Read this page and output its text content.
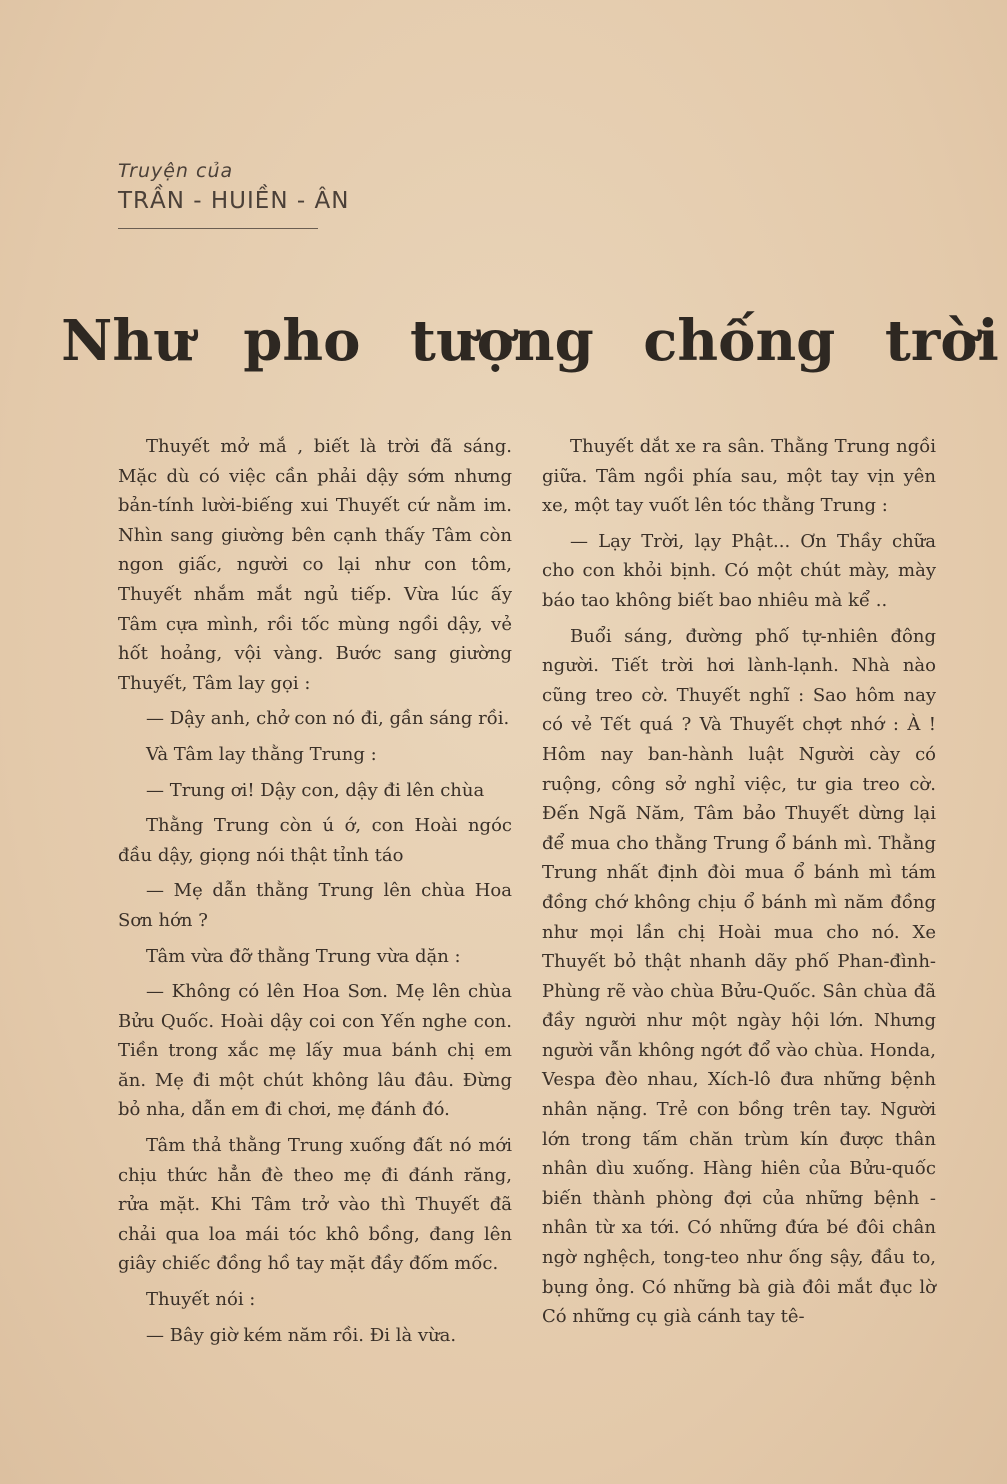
Truyện của
TRẦN - HUIỀN - ÂN
Như pho tượng chống trời

Thuyết mở mắ , biết là trời đã sáng. Mặc dù có việc cần phải dậy sớm nhưng bản-tính lười-biếng xui Thuyết cứ nằm im. Nhìn sang giường bên cạnh thấy Tâm còn ngon giấc, người co lại như con tôm, Thuyết nhắm mắt ngủ tiếp. Vừa lúc ấy Tâm cựa mình, rồi tốc mùng ngồi dậy, vẻ hốt hoảng, vội vàng. Bước sang giường Thuyết, Tâm lay gọi :

— Dậy anh, chở con nó đi, gần sáng rồi.

Và Tâm lay thằng Trung :

— Trung ơi! Dậy con, dậy đi lên chùa

Thằng Trung còn ú ớ, con Hoài ngóc đầu dậy, giọng nói thật tỉnh táo

— Mẹ dẫn thằng Trung lên chùa Hoa Sơn hớn ?

Tâm vừa đỡ thằng Trung vừa dặn :

— Không có lên Hoa Sơn. Mẹ lên chùa Bửu Quốc. Hoài dậy coi con Yến nghe con. Tiền trong xắc mẹ lấy mua bánh chị em ăn. Mẹ đi một chút không lâu đâu. Đừng bỏ nha, dẫn em đi chơi, mẹ đánh đó.

Tâm thả thằng Trung xuống đất nó mới chịu thức hẳn đè theo mẹ đi đánh răng, rửa mặt. Khi Tâm trở vào thì Thuyết đã chải qua loa mái tóc khô bồng, đang lên giây chiếc đồng hồ tay mặt đầy đốm mốc.

Thuyết nói :

— Bây giờ kém năm rồi. Đi là vừa.

Thuyết dắt xe ra sân. Thằng Trung ngồi giữa. Tâm ngồi phía sau, một tay vịn yên xe, một tay vuốt lên tóc thằng Trung :

— Lạy Trời, lạy Phật... Ơn Thầy chữa cho con khỏi bịnh. Có một chút mày, mày báo tao không biết bao nhiêu mà kể ..

Buổi sáng, đường phố tự-nhiên đông người. Tiết trời hơi lành-lạnh. Nhà nào cũng treo cờ. Thuyết nghĩ : Sao hôm nay có vẻ Tết quá ? Và Thuyết chợt nhớ : À ! Hôm nay ban-hành luật Người cày có ruộng, công sở nghỉ việc, tư gia treo cờ. Đến Ngã Năm, Tâm bảo Thuyết dừng lại để mua cho thằng Trung ổ bánh mì. Thằng Trung nhất định đòi mua ổ bánh mì tám đồng chớ không chịu ổ bánh mì năm đồng như mọi lần chị Hoài mua cho nó. Xe Thuyết bỏ thật nhanh dãy phố Phan-đình-Phùng rẽ vào chùa Bửu-Quốc. Sân chùa đã đầy người như một ngày hội lớn. Nhưng người vẫn không ngớt đổ vào chùa. Honda, Vespa đèo nhau, Xích-lô đưa những bệnh nhân nặng. Trẻ con bồng trên tay. Người lớn trong tấm chăn trùm kín được thân nhân dìu xuống. Hàng hiên của Bửu-quốc biến thành phòng đợi của những bệnh - nhân từ xa tới. Có những đứa bé đôi chân ngờ nghệch, tong-teo như ống sậy, đầu to, bụng ỏng. Có những bà già đôi mắt đục lờ Có những cụ già cánh tay tê-
